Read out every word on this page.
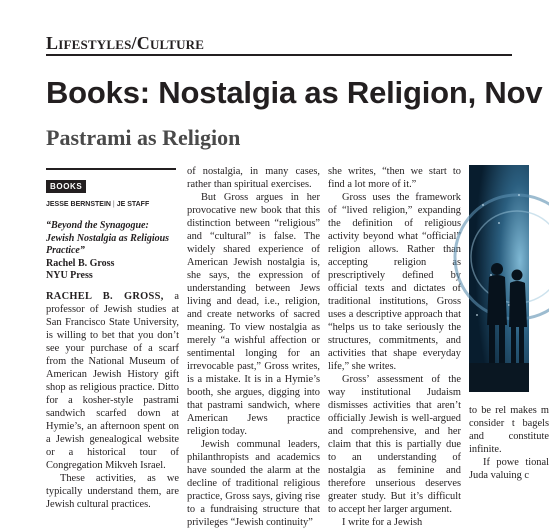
Lifestyles/Culture
Books: Nostalgia as Religion, Nov
Pastrami as Religion
BOOKS
JESSE BERNSTEIN | JE STAFF
“Beyond the Synagogue: Jewish Nostalgia as Religious Practice”
Rachel B. Gross
NYU Press

RACHEL B. GROSS, a professor of Jewish studies at San Francisco State University, is willing to bet that you don’t see your purchase of a scarf from the National Museum of American Jewish History gift shop as religious practice. Ditto for a kosher-style pastrami sandwich scarfed down at Hymie’s, an afternoon spent on a Jewish genealogical website or a historical tour of Congregation Mikveh Israel.

These activities, as we typically understand them, are Jewish cultural practices.

of nostalgia, in many cases, rather than spiritual exercises.

But Gross argues in her provocative new book that this distinction between “religious” and “cultural” is false. The widely shared experience of American Jewish nostalgia is, she says, the expression of understanding between Jews living and dead, i.e., religion, and create networks of sacred meaning. To view nostalgia as merely “a wishful affection or sentimental longing for an irrevocable past,” Gross writes, is a mistake. It is in a Hymie’s booth, she argues, digging into that pastrami sandwich, where American Jews practice religion today.

Jewish communal leaders, philanthropists and academics have sounded the alarm at the decline of traditional religious practice, Gross says, giving rise to a fundraising structure that privileges “Jewish continuity”

she writes, “then we start to find a lot more of it.”

Gross uses the framework of “lived religion,” expanding the definition of religious activity beyond what “official” religion allows. Rather than accepting religion as prescriptively defined by official texts and dictates of traditional institutions, Gross uses a descriptive approach that “helps us to take seriously the structures, commitments, and activities that shape everyday life,” she writes.

Gross’ assessment of the way institutional Judaism dismisses activities that aren’t officially Jewish is well-argued and comprehensive, and her claim that this is partially due to an understanding of nostalgia as feminine and therefore unserious deserves greater study. But it’s difficult to accept her larger argument.

I write for a Jewish

to be rel makes m consider t bagels and constitute infinite.

If powe tional Juda valuing c
